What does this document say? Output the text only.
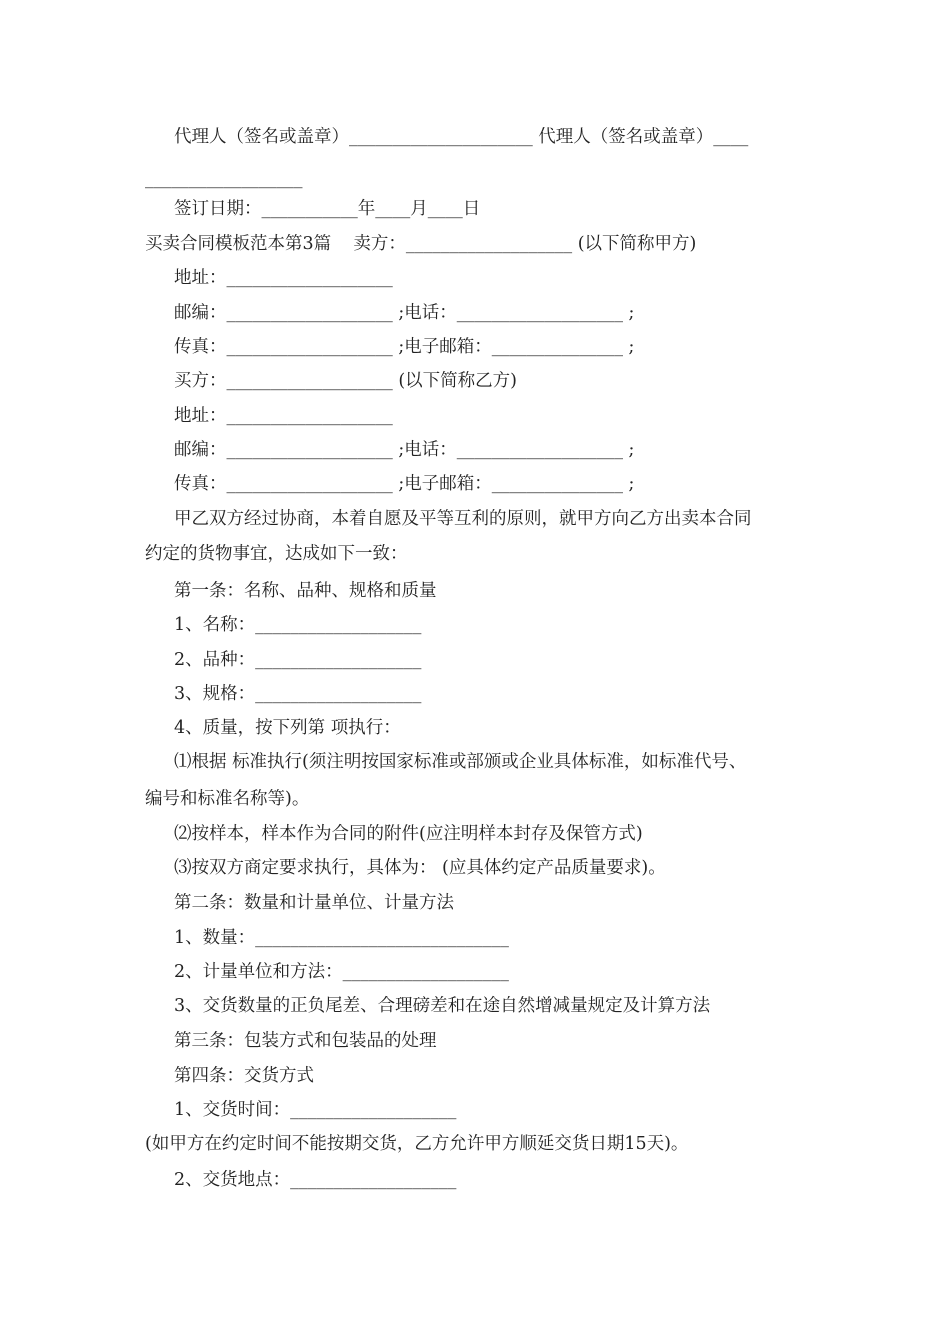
代理人（签名或盖章）_____________________ 代理人（签名或盖章）____
__________________
签订日期：___________年____月____日
买卖合同模板范本第3篇    卖方：___________________ (以下简称甲方)
地址：___________________
邮编：___________________ ;电话：___________________ ;
传真：___________________ ;电子邮箱：_______________ ;
买方：___________________ (以下简称乙方)
地址：___________________
邮编：___________________ ;电话：___________________ ;
传真：___________________ ;电子邮箱：_______________ ;
甲乙双方经过协商，本着自愿及平等互利的原则，就甲方向乙方出卖本合同
约定的货物事宜，达成如下一致：
第一条：名称、品种、规格和质量
1、名称：___________________
2、品种：___________________
3、规格：___________________
4、质量，按下列第 项执行：
⑴根据 标准执行(须注明按国家标准或部颁或企业具体标准，如标准代号、
编号和标准名称等)。
⑵按样本，样本作为合同的附件(应注明样本封存及保管方式)
⑶按双方商定要求执行，具体为： (应具体约定产品质量要求)。
第二条：数量和计量单位、计量方法
1、数量：_____________________________
2、计量单位和方法：___________________
3、交货数量的正负尾差、合理磅差和在途自然增减量规定及计算方法
第三条：包装方式和包装品的处理
第四条：交货方式
1、交货时间：___________________
(如甲方在约定时间不能按期交货，乙方允许甲方顺延交货日期15天)。
2、交货地点：___________________
